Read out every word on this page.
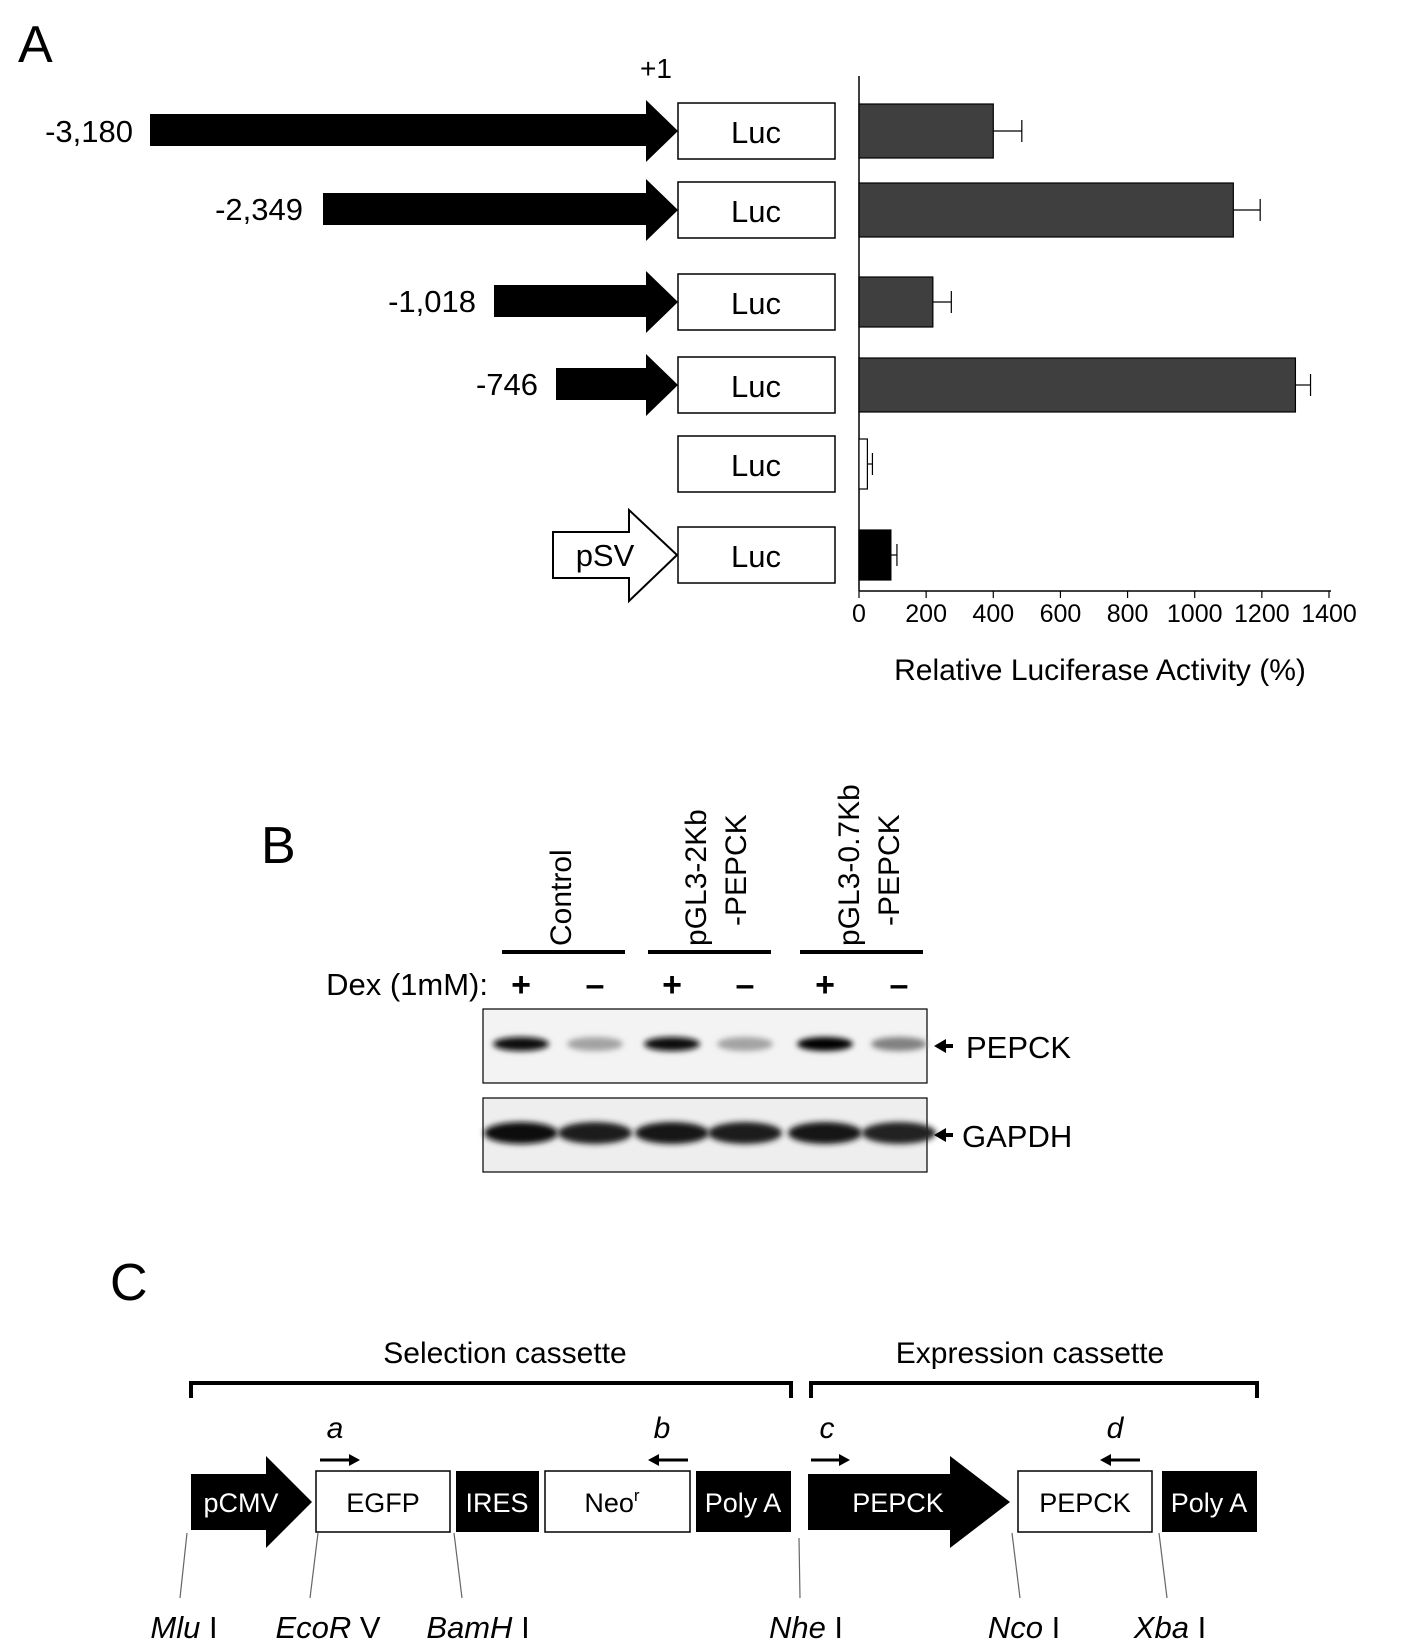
A	+1
-3,180	Luc
-2,349	Luc
-1,018	Luc
-746	Luc
Luc
pSV	Luc
0 200 400 600 800 1000 1200 1400
Relative Luciferase Activity (%)
B
Control	pGL3-2Kb -PEPCK	pGL3-0.7Kb -PEPCK
Dex (1mM): + – + – + –
PEPCK
GAPDH
C
Selection cassette	Expression cassette
a	b	c	d
pCMV	EGFP IRES Neo$^r$ Poly A	PEPCK	PEPCK Poly A
Mlu I EcoR V BamH I	Nhe I	Nco I Xba I
